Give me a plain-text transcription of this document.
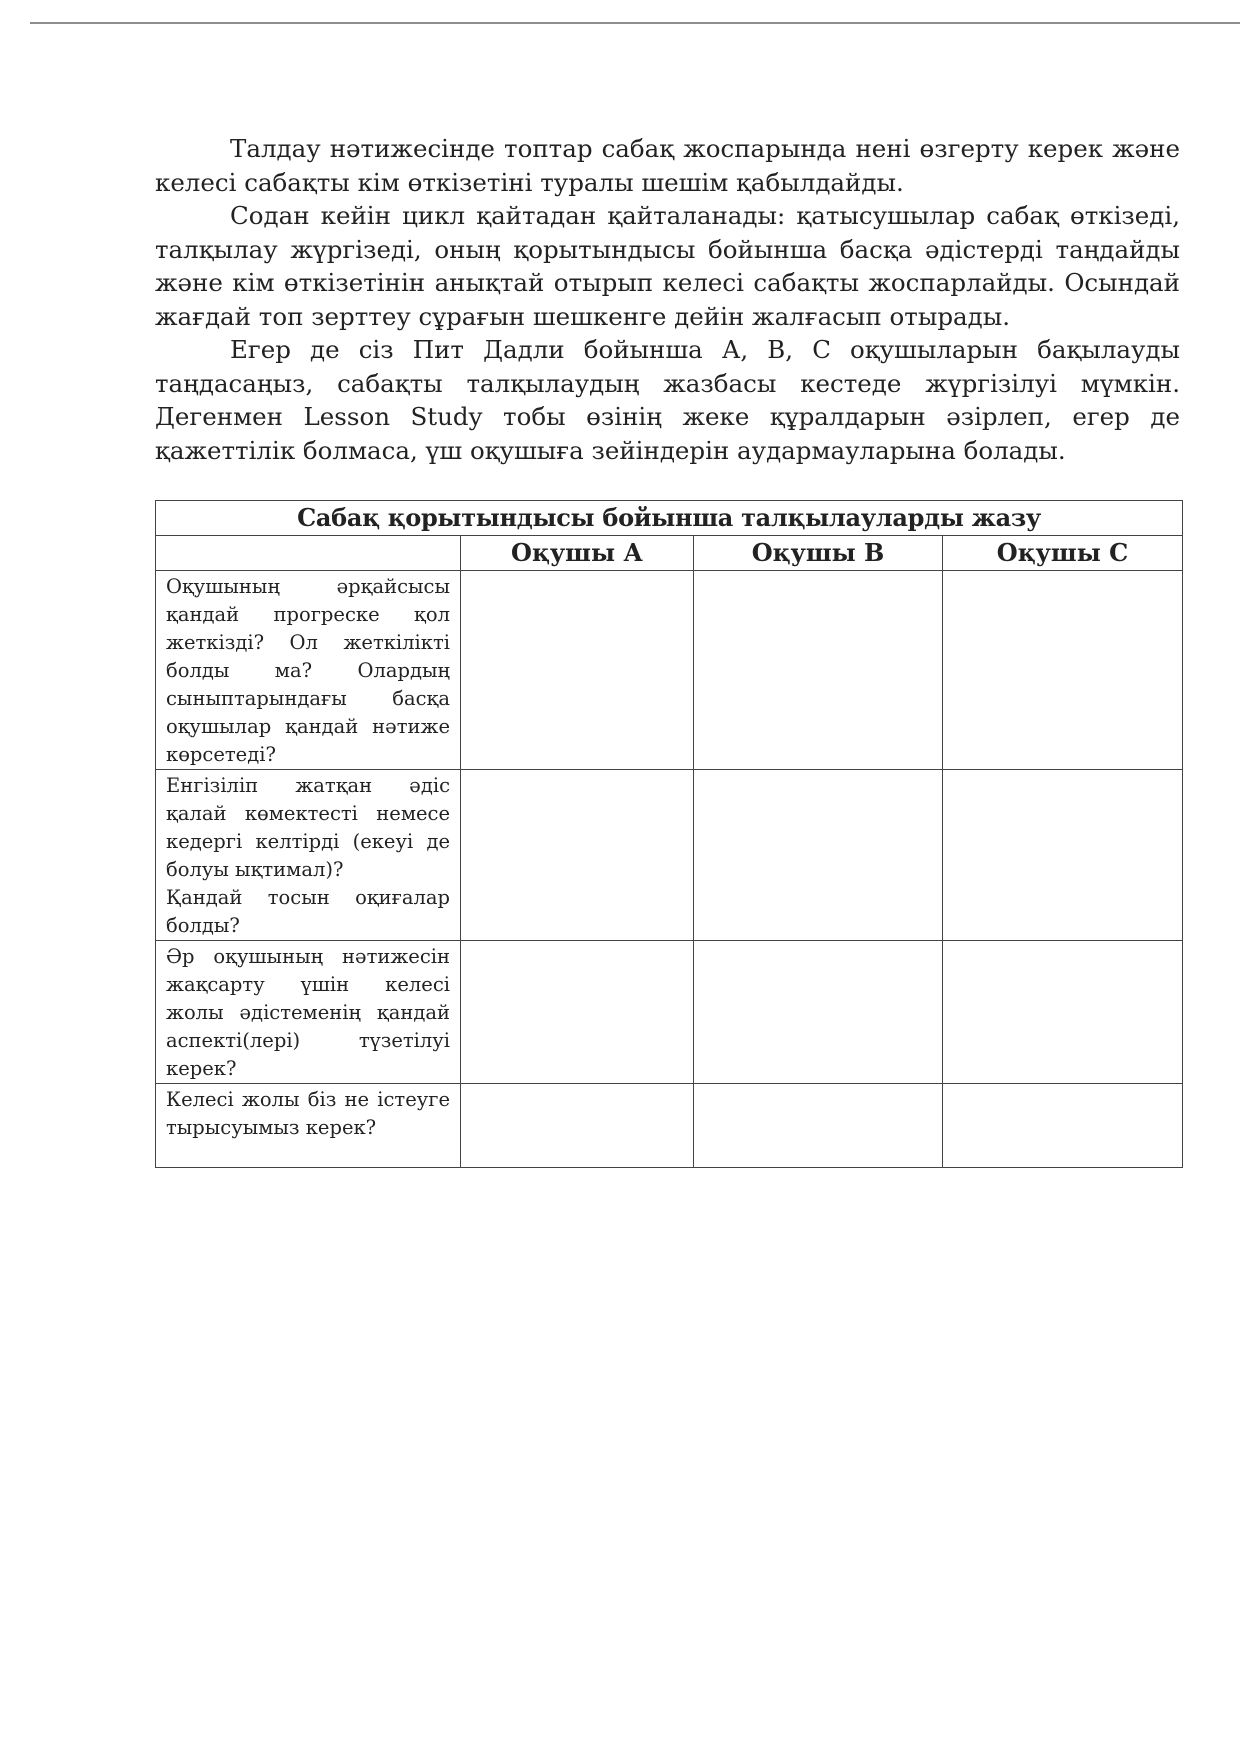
Талдау нәтижесінде топтар сабақ жоспарында нені өзгерту керек және келесі сабақты кім өткізетіні туралы шешім қабылдайды.

Содан кейін цикл қайтадан қайталанады: қатысушылар сабақ өткізеді, талқылау жүргізеді, оның қорытындысы бойынша басқа әдістерді таңдайды және кім өткізетінін анықтай отырып келесі сабақты жоспарлайды. Осындай жағдай топ зерттеу сұрағын шешкенге дейін жалғасып отырады.

Егер де сіз Пит Дадли бойынша А, В, С оқушыларын бақылауды таңдасаңыз, сабақты талқылаудың жазбасы кестеде жүргізілуі мүмкін. Дегенмен Lesson Study тобы өзінің жеке құралдарын әзірлеп, егер де қажеттілік болмаса, үш оқушыға зейіндерін аудармауларына болады.

Сабақ қорытындысы бойынша талқылауларды жазу			
	Оқушы А	Оқушы В	Оқушы С

Оқушының әрқайсысы қандай прогреске қол жеткізді? Ол жеткілікті болды ма? Олардың сыныптарындағы басқа оқушылар қандай нәтиже көрсетеді?			

Енгізіліп жатқан әдіс қалай көмектесті немесе кедергі келтірді (екеуі де болуы ықтимал)?
Қандай тосын оқиғалар болды?			

Әр оқушының нәтижесін жақсарту үшін келесі жолы әдістеменің қандай аспекті(лері) түзетілуі керек?			

Келесі жолы біз не істеуге тырысуымыз керек?			
